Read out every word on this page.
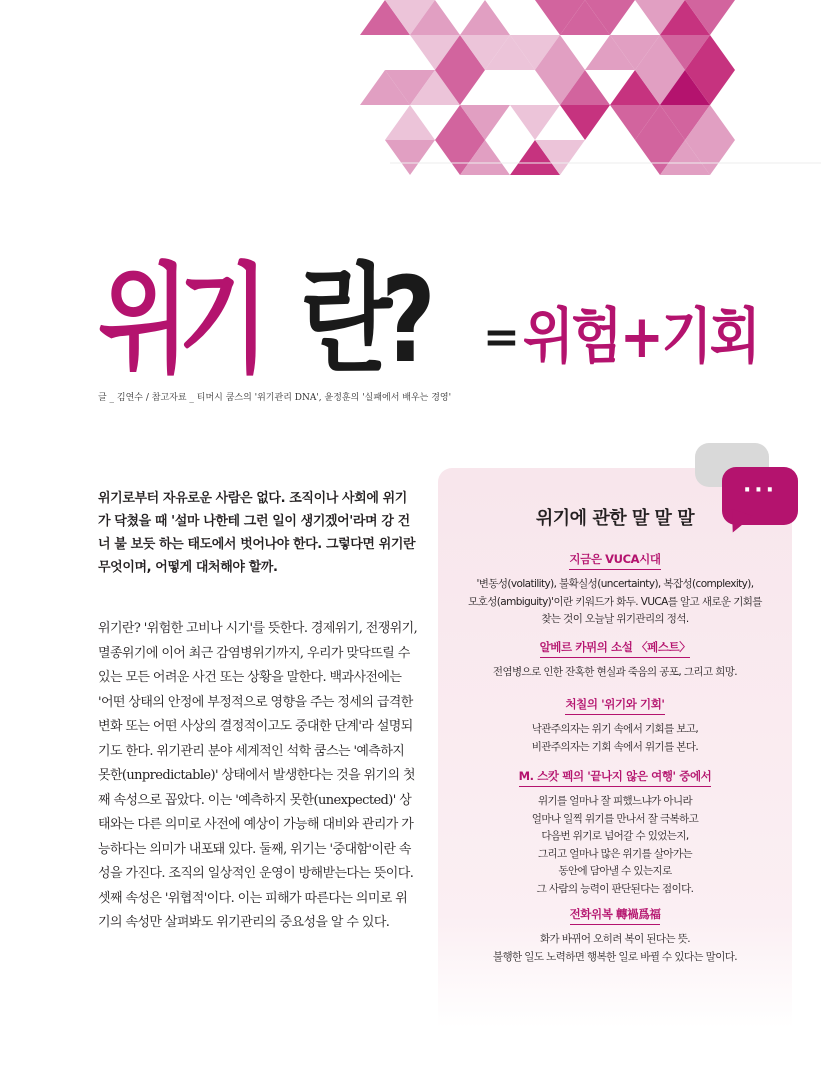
위기 란? = 위험+기회
글 _ 김연수 / 참고자료 _ 티머시 쿰스의 '위기관리 DNA', 윤정훈의 '실패에서 배우는 경영'
위기로부터 자유로운 사람은 없다. 조직이나 사회에 위기가 닥쳤을 때 '설마 나한테 그런 일이 생기겠어'라며 강 건너 불 보듯 하는 태도에서 벗어나야 한다. 그렇다면 위기란 무엇이며, 어떻게 대처해야 할까.
위기란? '위험한 고비나 시기'를 뜻한다. 경제위기, 전쟁위기, 멸종위기에 이어 최근 감염병위기까지, 우리가 맞닥뜨릴 수 있는 모든 어려운 사건 또는 상황을 말한다. 백과사전에는 '어떤 상태의 안정에 부정적으로 영향을 주는 정세의 급격한 변화 또는 어떤 사상의 결정적이고도 중대한 단계'라 설명되기도 한다. 위기관리 분야 세계적인 석학 쿰스는 '예측하지 못한(unpredictable)' 상태에서 발생한다는 것을 위기의 첫째 속성으로 꼽았다. 이는 '예측하지 못한(unexpected)' 상태와는 다른 의미로 사전에 예상이 가능해 대비와 관리가 가능하다는 의미가 내포돼 있다. 둘째, 위기는 '중대함'이란 속성을 가진다. 조직의 일상적인 운영이 방해받는다는 뜻이다. 셋째 속성은 '위협적'이다. 이는 피해가 따른다는 의미로 위기의 속성만 살펴봐도 위기관리의 중요성을 알 수 있다.
···
위기에 관한 말 말 말
지금은 VUCA시대
'변동성(volatility), 불확실성(uncertainty), 복잡성(complexity),
모호성(ambiguity)'이란 키워드가 화두. VUCA를 알고 새로운 기회를
찾는 것이 오늘날 위기관리의 정석.
알베르 카뮈의 소설 〈페스트〉
전염병으로 인한 잔혹한 현실과 죽음의 공포, 그리고 희망.
처칠의 '위기와 기회'
낙관주의자는 위기 속에서 기회를 보고,
비관주의자는 기회 속에서 위기를 본다.
M. 스캇 펙의 '끝나지 않은 여행' 중에서
위기를 얼마나 잘 피했느냐가 아니라
얼마나 일찍 위기를 만나서 잘 극복하고
다음번 위기로 넘어갈 수 있었는지,
그리고 얼마나 많은 위기를 살아가는
동안에 담아낼 수 있는지로
그 사람의 능력이 판단된다는 점이다.
전화위복 轉禍爲福
화가 바뀌어 오히려 복이 된다는 뜻.
불행한 일도 노력하면 행복한 일로 바뀔 수 있다는 말이다.
